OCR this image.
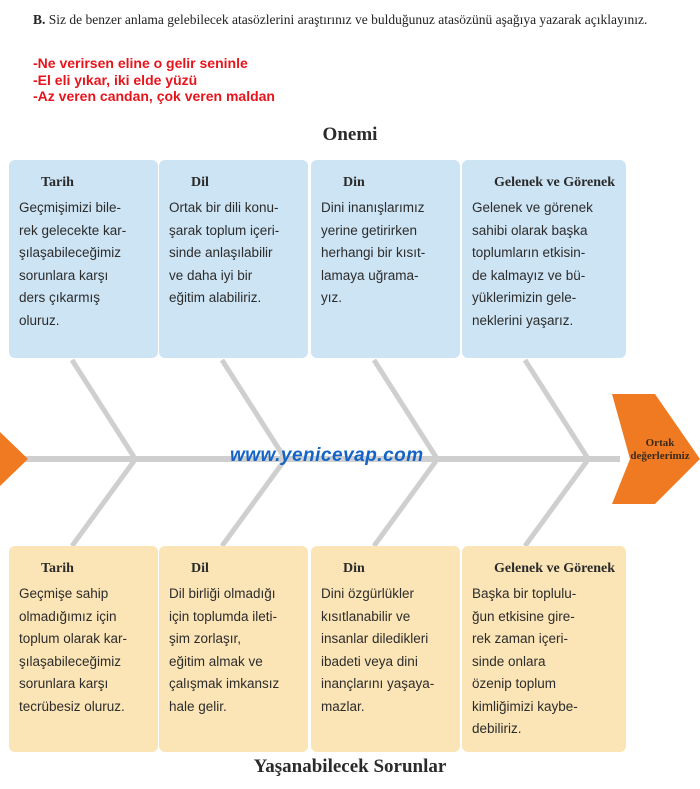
B. Siz de benzer anlama gelebilecek atasözlerini araştırınız ve bulduğunuz atasözünü aşağıya yazarak açıklayınız.
-Ne verirsen eline o gelir seninle
-El eli yıkar, iki elde yüzü
-Az veren candan, çok veren maldan
Onemi
Ortak
değerlerimiz
www.yenicevap.com
Tarih
Geçmişimizi bile-
rek gelecekte kar-
şılaşabileceğimiz
sorunlara karşı
ders çıkarmış
oluruz.
Dil
Ortak bir dili konu-
şarak toplum içeri-
sinde anlaşılabilir
ve daha iyi bir
eğitim alabiliriz.
Din
Dini inanışlarımız
yerine getirirken
herhangi bir kısıt-
lamaya uğrama-
yız.
Gelenek ve Görenek
Gelenek ve görenek
sahibi olarak başka
toplumların etkisin-
de kalmayız ve bü-
yüklerimizin gele-
neklerini yaşarız.
Tarih
Geçmişe sahip
olmadığımız için
toplum olarak kar-
şılaşabileceğimiz
sorunlara karşı
tecrübesiz oluruz.
Dil
Dil birliği olmadığı
için toplumda ileti-
şim zorlaşır,
eğitim almak ve
çalışmak imkansız
hale gelir.
Din
Dini özgürlükler
kısıtlanabilir ve
insanlar diledikleri
ibadeti veya dini
inançlarını yaşaya-
mazlar.
Gelenek ve Görenek
Başka bir toplulu-
ğun etkisine gire-
rek zaman içeri-
sinde onlara
özenip toplum
kimliğimizi kaybe-
debiliriz.
Yaşanabilecek Sorunlar
